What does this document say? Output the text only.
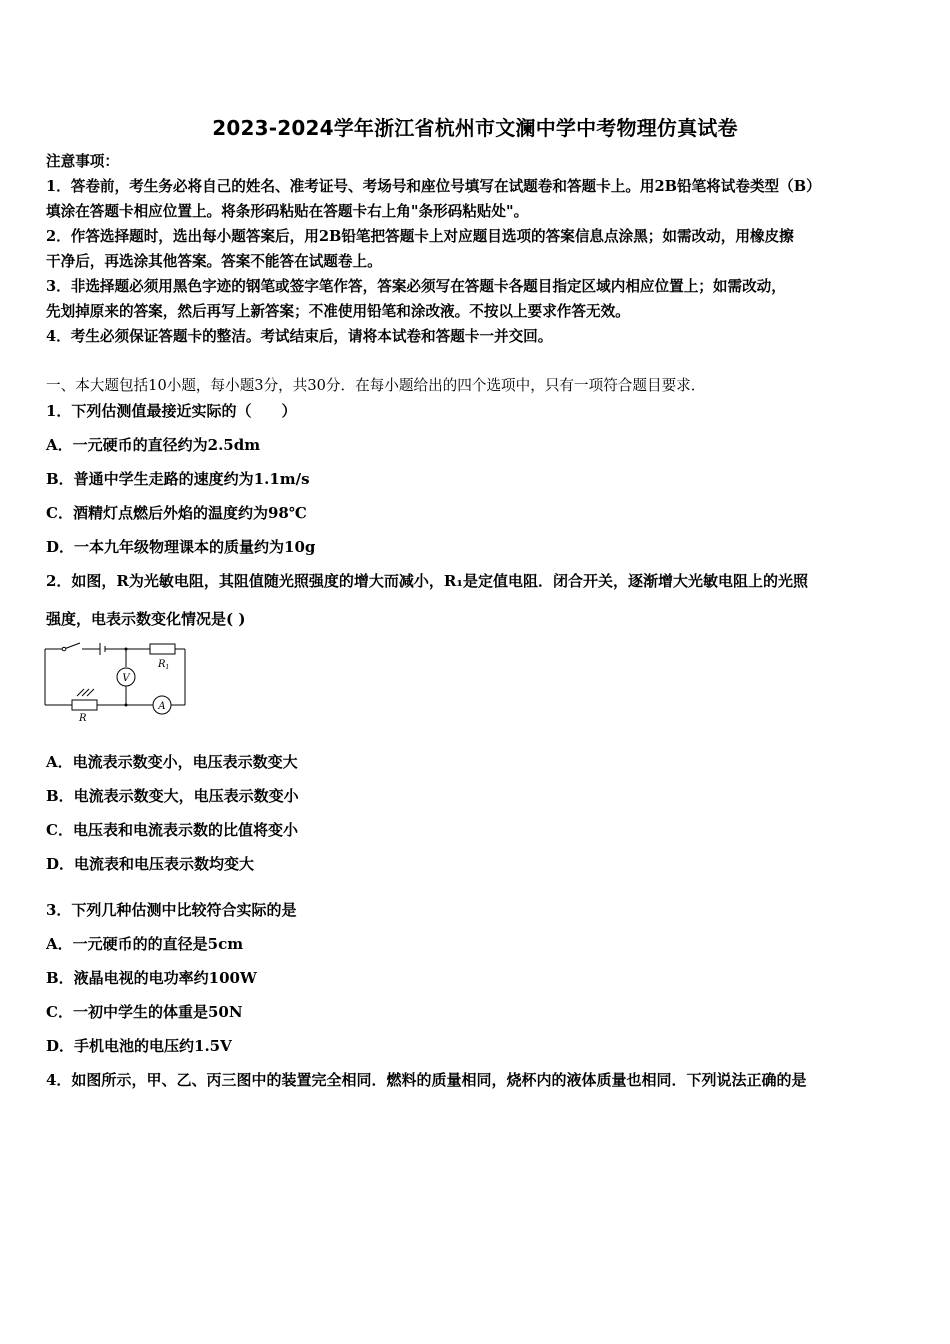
2023-2024学年浙江省杭州市文澜中学中考物理仿真试卷
注意事项：
1．答卷前，考生务必将自己的姓名、准考证号、考场号和座位号填写在试题卷和答题卡上。用2B铅笔将试卷类型（B）
填涂在答题卡相应位置上。将条形码粘贴在答题卡右上角"条形码粘贴处"。
2．作答选择题时，选出每小题答案后，用2B铅笔把答题卡上对应题目选项的答案信息点涂黑；如需改动，用橡皮擦
干净后，再选涂其他答案。答案不能答在试题卷上。
3．非选择题必须用黑色字迹的钢笔或签字笔作答，答案必须写在答题卡各题目指定区域内相应位置上；如需改动，
先划掉原来的答案，然后再写上新答案；不准使用铅笔和涂改液。不按以上要求作答无效。
4．考生必须保证答题卡的整洁。考试结束后，请将本试卷和答题卡一并交回。
一、本大题包括10小题，每小题3分，共30分．在每小题给出的四个选项中，只有一项符合题目要求．
1．下列估测值最接近实际的（　　）
A．一元硬币的直径约为2.5dm
B．普通中学生走路的速度约为1.1m/s
C．酒精灯点燃后外焰的温度约为98℃
D．一本九年级物理课本的质量约为10g
2．如图，R为光敏电阻，其阻值随光照强度的增大而减小，R₁是定值电阻．闭合开关，逐渐增大光敏电阻上的光照
强度，电表示数变化情况是( )
$R_1$
R
V
A
A．电流表示数变小，电压表示数变大
B．电流表示数变大，电压表示数变小
C．电压表和电流表示数的比值将变小
D．电流表和电压表示数均变大
3．下列几种估测中比较符合实际的是
A．一元硬币的的直径是5cm
B．液晶电视的电功率约100W
C．一初中学生的体重是50N
D．手机电池的电压约1.5V
4．如图所示，甲、乙、丙三图中的装置完全相同．燃料的质量相同，烧杯内的液体质量也相同．下列说法正确的是
